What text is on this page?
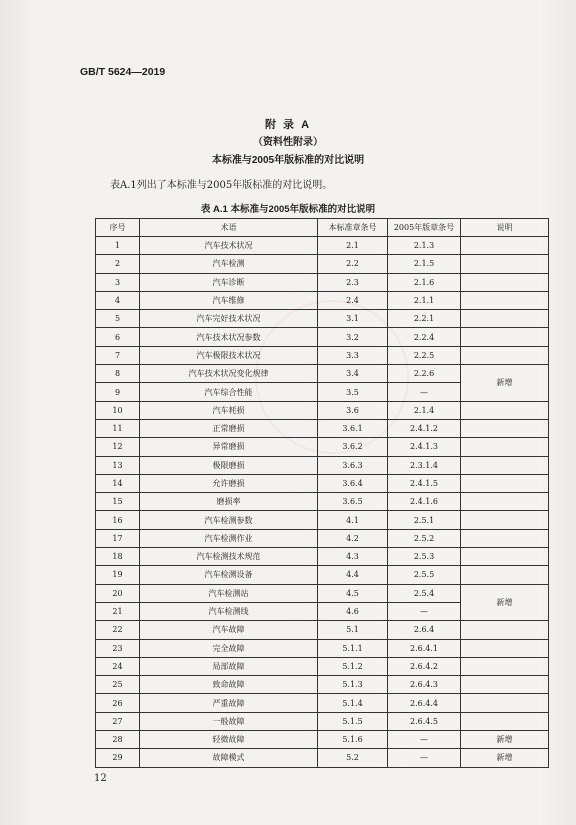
GB/T 5624—2019
附 录 A
（资料性附录）
本标准与2005年版标准的对比说明
表A.1列出了本标准与2005年版标准的对比说明。
表 A.1 本标准与2005年版标准的对比说明
序号	术语	本标准章条号	2005年版章条号	说明
1	汽车技术状况	2.1	2.1.3	
2	汽车检测	2.2	2.1.5	
3	汽车诊断	2.3	2.1.6	
4	汽车维修	2.4	2.1.1	
5	汽车完好技术状况	3.1	2.2.1	
6	汽车技术状况参数	3.2	2.2.4	
7	汽车极限技术状况	3.3	2.2.5	
8	汽车技术状况变化规律	3.4	2.2.6	新增
9	汽车综合性能	3.5	—	
10	汽车耗损	3.6	2.1.4	
11	正常磨损	3.6.1	2.4.1.2	
12	异常磨损	3.6.2	2.4.1.3	
13	极限磨损	3.6.3	2.3.1.4	
14	允许磨损	3.6.4	2.4.1.5	
15	磨损率	3.6.5	2.4.1.6	
16	汽车检测参数	4.1	2.5.1	
17	汽车检测作业	4.2	2.5.2	
18	汽车检测技术规范	4.3	2.5.3	
19	汽车检测设备	4.4	2.5.5	
20	汽车检测站	4.5	2.5.4	新增
21	汽车检测线	4.6	—	
22	汽车故障	5.1	2.6.4	
23	完全故障	5.1.1	2.6.4.1	
24	局部故障	5.1.2	2.6.4.2	
25	致命故障	5.1.3	2.6.4.3	
26	严重故障	5.1.4	2.6.4.4	
27	一般故障	5.1.5	2.6.4.5	
28	轻微故障	5.1.6	—	新增
29	故障模式	5.2	—	新增
12
